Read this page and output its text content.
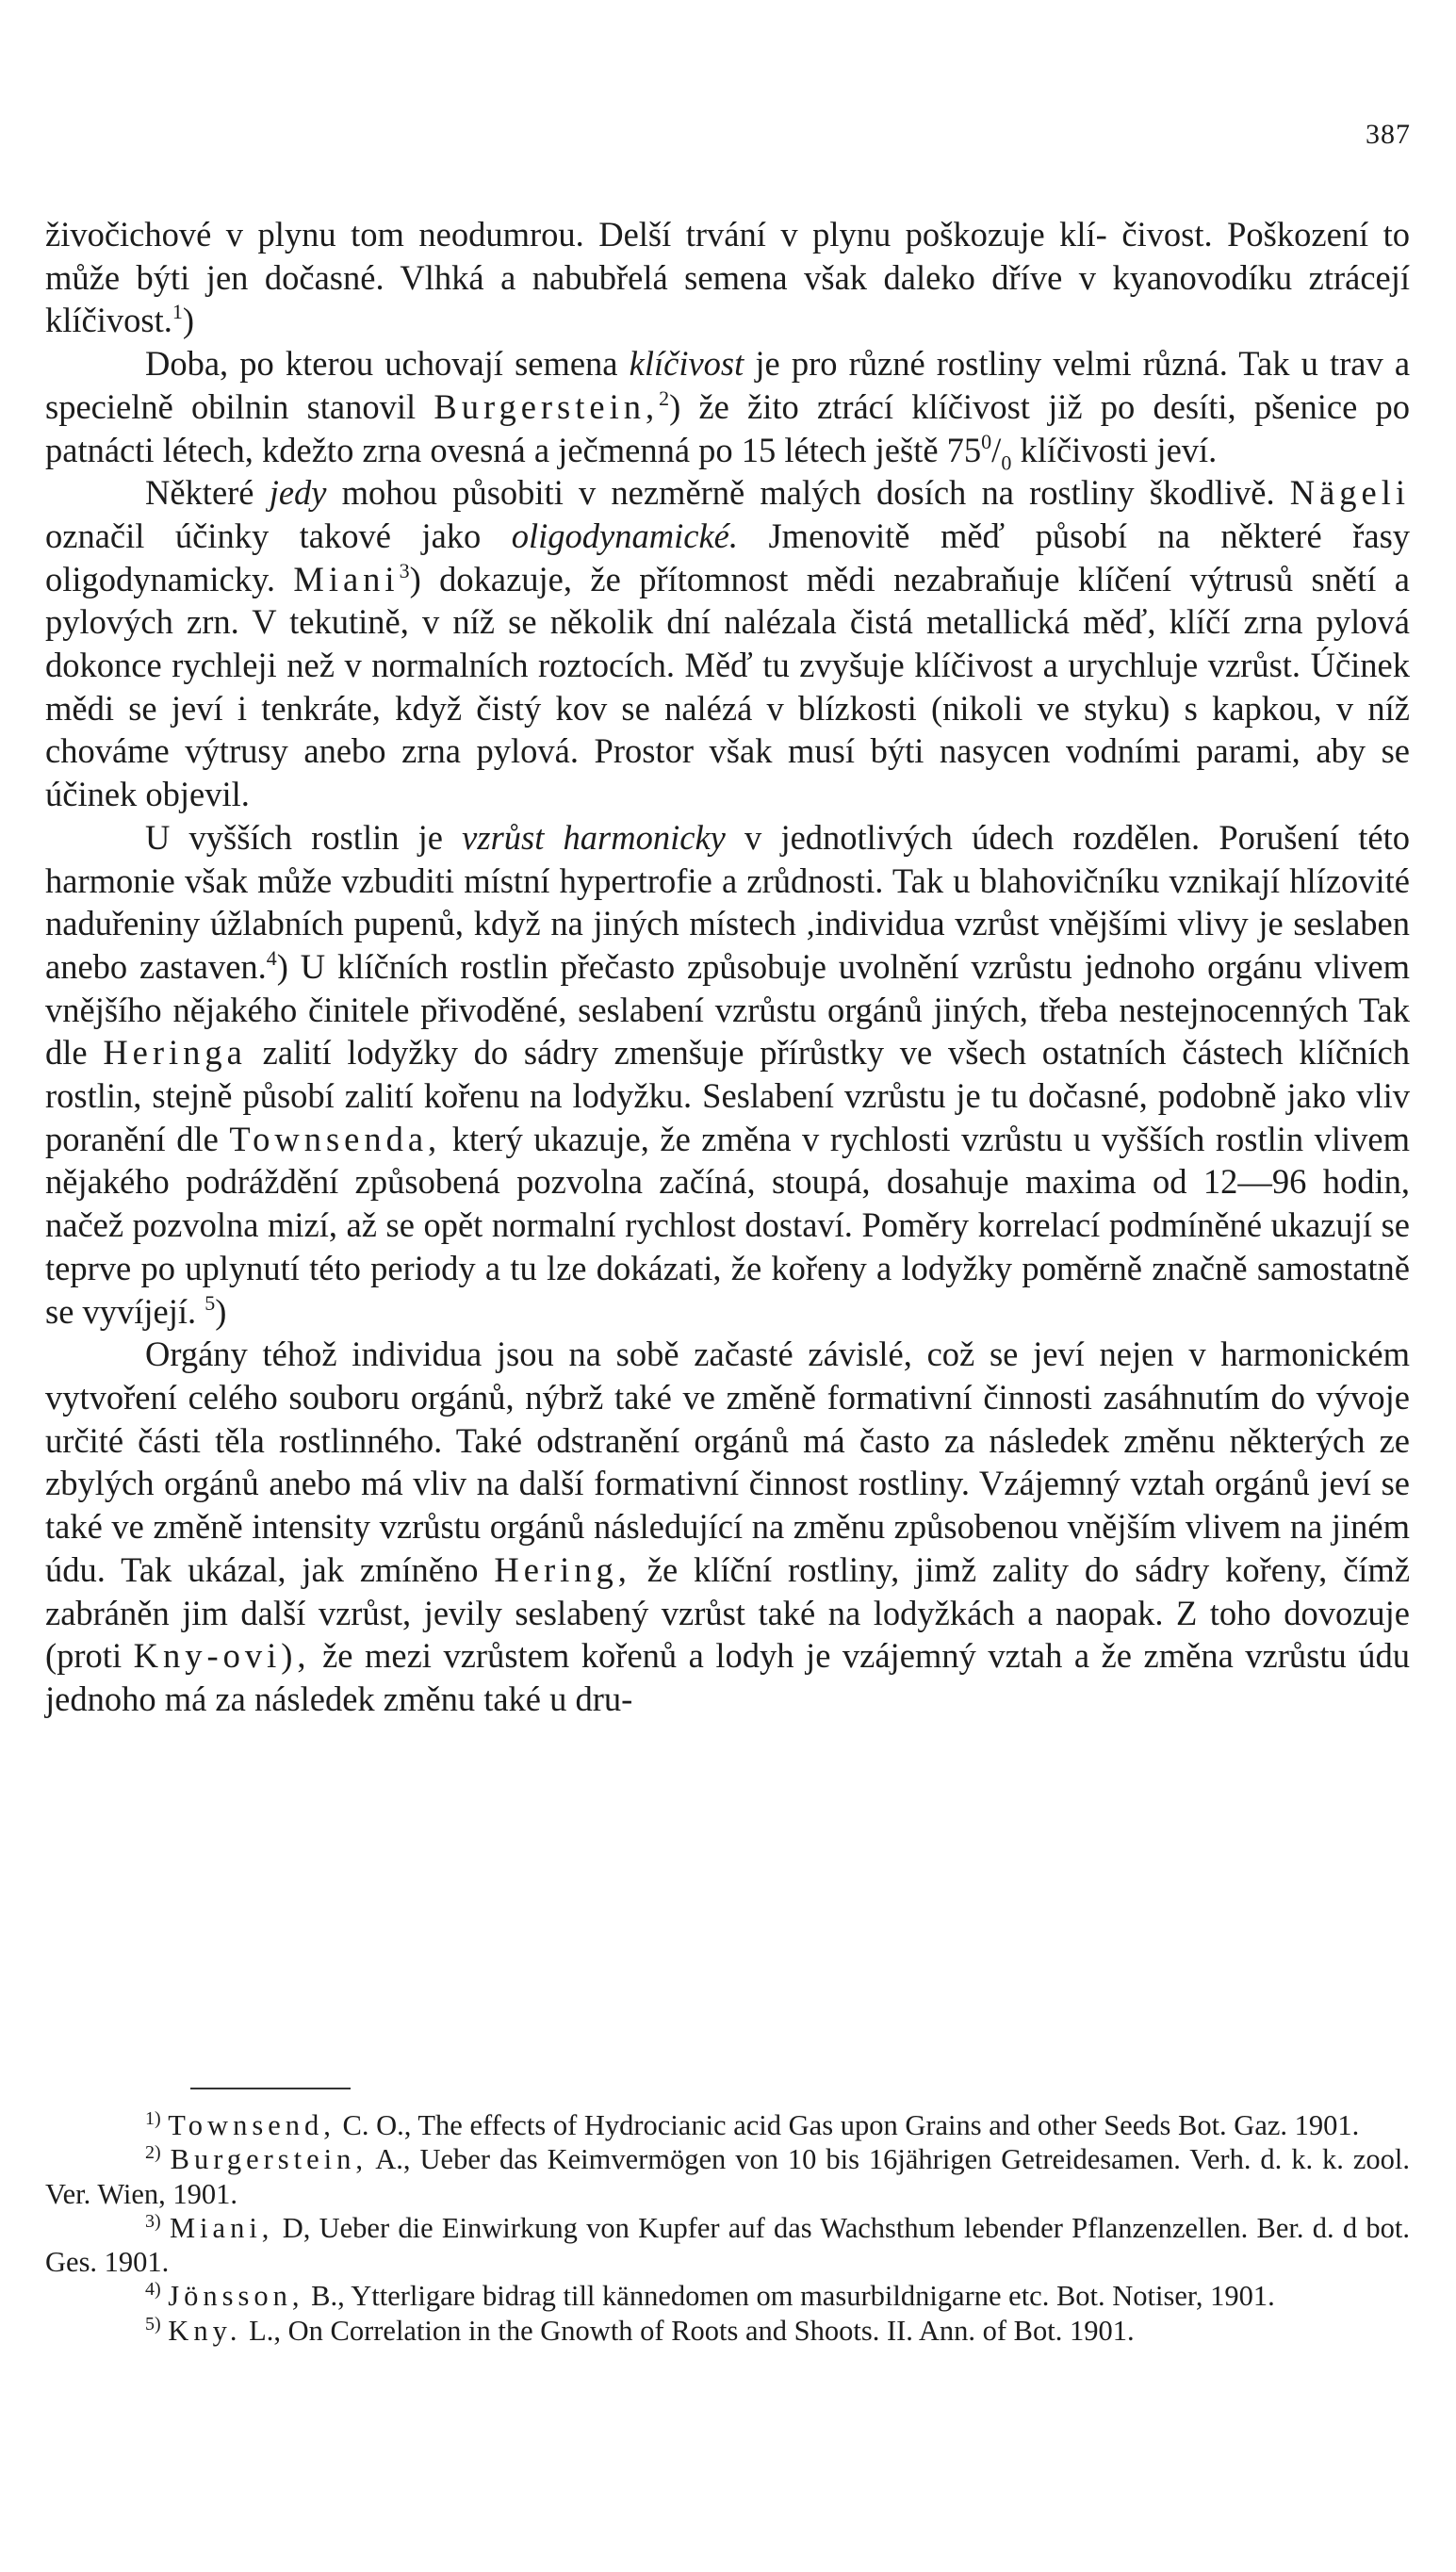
387

živočichové v plynu tom neodumrou. Delší trvání v plynu poškozuje klí- čivost. Poškození to může býti jen dočasné. Vlhká a nabubřelá semena však daleko dříve v kyanovodíku ztrácejí klíčivost.$^1$)

Doba, po kterou uchovají semena klíčivost je pro různé rostliny velmi různá. Tak u trav a specielně obilnin stanovil Burgerstein,$^2$) že žito ztrácí klíčivost již po desíti, pšenice po patnácti létech, kdežto zrna ovesná a ječmenná po 15 létech ještě $75^0/_0$ klíčivosti jeví.

Některé jedy mohou působiti v nezměrně malých dosích na rostliny škodlivě. Nägeli označil účinky takové jako oligodynamické. Jmenovitě měď působí na některé řasy oligodynamicky. Miani$^3$) dokazuje, že přítomnost mědi nezabraňuje klíčení výtrusů snětí a pylových zrn. V tekutině, v níž se několik dní nalézala čistá metallická měď, klíčí zrna pylová dokonce rychleji než v normalních roztocích. Měď tu zvyšuje klíčivost a urychluje vzrůst. Účinek mědi se jeví i tenkráte, když čistý kov se nalézá v blízkosti (nikoli ve styku) s kapkou, v níž chováme výtrusy anebo zrna pylová. Prostor však musí býti nasycen vodními parami, aby se účinek objevil.

U vyšších rostlin je vzrůst harmonicky v jednotlivých údech rozdělen. Porušení této harmonie však může vzbuditi místní hypertrofie a zrůdnosti. Tak u blahovičníku vznikají hlízovité naduřeniny úžlabních pupenů, když na jiných místech ,individua vzrůst vnějšími vlivy je seslaben anebo zastaven.$^4$) U klíčních rostlin přečasto způsobuje uvolnění vzrůstu jednoho orgánu vlivem vnějšího nějakého činitele přivoděné, seslabení vzrůstu orgánů jiných, třeba nestejnocenných Tak dle Heringa zalití lodyžky do sádry zmenšuje přírůstky ve všech ostatních částech klíčních rostlin, stejně působí zalití kořenu na lodyžku. Seslabení vzrůstu je tu dočasné, podobně jako vliv poranění dle Townsenda, který ukazuje, že změna v rychlosti vzrůstu u vyšších rostlin vlivem nějakého podráždění způsobená pozvolna začíná, stoupá, dosahuje maxima od 12—96 hodin, načež pozvolna mizí, až se opět normalní rychlost dostaví. Poměry korrelací podmíněné ukazují se teprve po uplynutí této periody a tu lze dokázati, že kořeny a lodyžky poměrně značně samostatně se vyvíjejí. $^5$)

Orgány téhož individua jsou na sobě začasté závislé, což se jeví nejen v harmonickém vytvoření celého souboru orgánů, nýbrž také ve změně formativní činnosti zasáhnutím do vývoje určité části těla rostlinného. Také odstranění orgánů má často za následek změnu některých ze zbylých orgánů anebo má vliv na další formativní činnost rostliny. Vzájemný vztah orgánů jeví se také ve změně intensity vzrůstu orgánů následující na změnu způsobenou vnějším vlivem na jiném údu. Tak ukázal, jak zmíněno Hering, že klíční rostliny, jimž zality do sádry kořeny, čímž zabráněn jim další vzrůst, jevily seslabený vzrůst také na lodyžkách a naopak. Z toho dovozuje (proti Kny-ovi), že mezi vzrůstem kořenů a lodyh je vzájemný vztah a že změna vzrůstu údu jednoho má za následek změnu také u dru-

$^{1)}$ Townsend, C. O., The effects of Hydrocianic acid Gas upon Grains and other Seeds Bot. Gaz. 1901.

$^{2)}$ Burgerstein, A., Ueber das Keimvermögen von 10 bis 16jährigen Getreidesamen. Verh. d. k. k. zool. Ver. Wien, 1901.

$^{3)}$ Miani, D, Ueber die Einwirkung von Kupfer auf das Wachsthum lebender Pflanzenzellen. Ber. d. d bot. Ges. 1901.

$^{4)}$ Jönsson, B., Ytterligare bidrag till kännedomen om masurbildnigarne etc. Bot. Notiser, 1901.

$^{5)}$ Kny. L., On Correlation in the Gnowth of Roots and Shoots. II. Ann. of Bot. 1901.
